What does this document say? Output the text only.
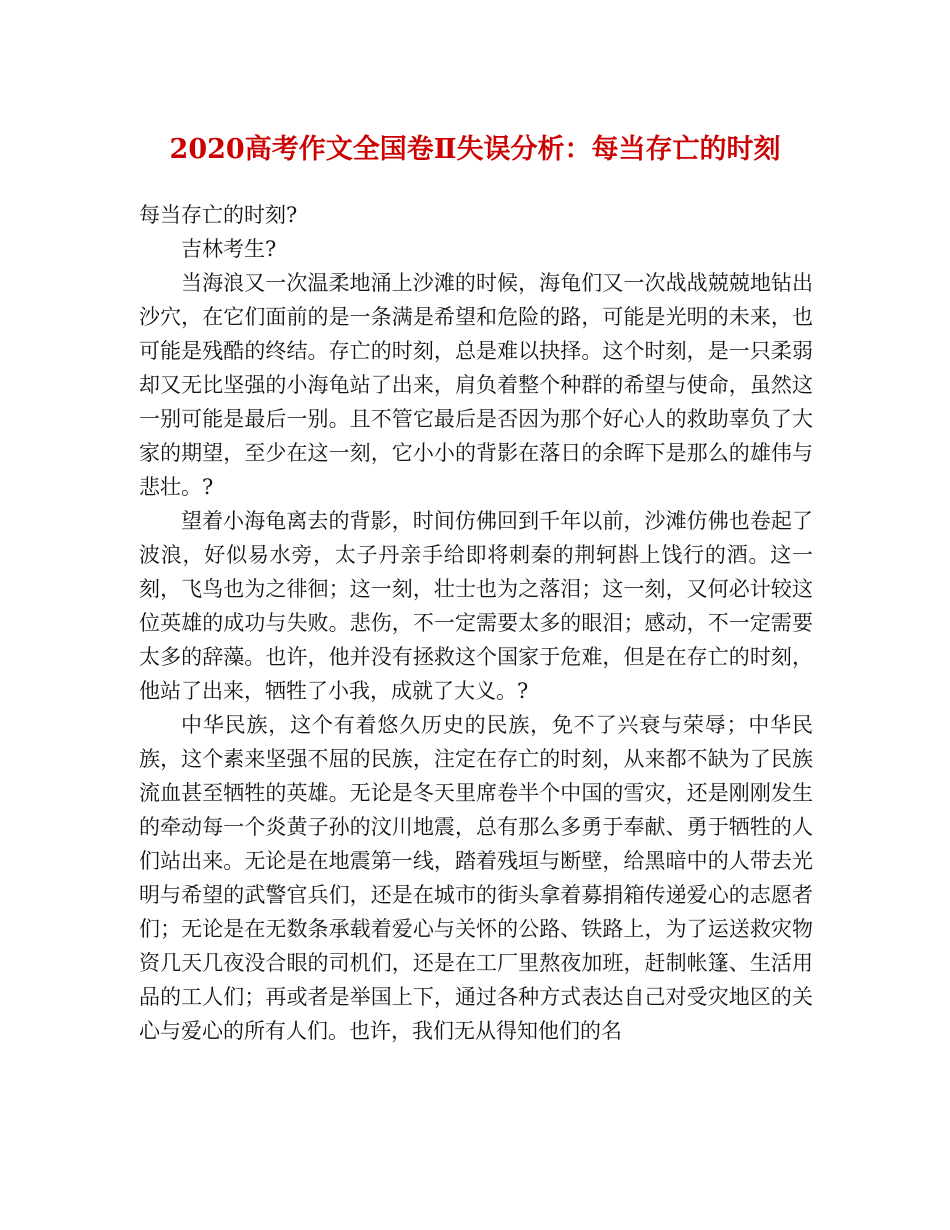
2020高考作文全国卷Ⅱ失误分析：每当存亡的时刻

每当存亡的时刻?

吉林考生?

当海浪又一次温柔地涌上沙滩的时候，海龟们又一次战战兢兢地钻出沙穴，在它们面前的是一条满是希望和危险的路，可能是光明的未来，也可能是残酷的终结。存亡的时刻，总是难以抉择。这个时刻，是一只柔弱却又无比坚强的小海龟站了出来，肩负着整个种群的希望与使命，虽然这一别可能是最后一别。且不管它最后是否因为那个好心人的救助辜负了大家的期望，至少在这一刻，它小小的背影在落日的余晖下是那么的雄伟与悲壮。?

望着小海龟离去的背影，时间仿佛回到千年以前，沙滩仿佛也卷起了波浪，好似易水旁，太子丹亲手给即将刺秦的荆轲斟上饯行的酒。这一刻，飞鸟也为之徘徊；这一刻，壮士也为之落泪；这一刻，又何必计较这位英雄的成功与失败。悲伤，不一定需要太多的眼泪；感动，不一定需要太多的辞藻。也许，他并没有拯救这个国家于危难，但是在存亡的时刻，他站了出来，牺牲了小我，成就了大义。?

中华民族，这个有着悠久历史的民族，免不了兴衰与荣辱；中华民族，这个素来坚强不屈的民族，注定在存亡的时刻，从来都不缺为了民族流血甚至牺牲的英雄。无论是冬天里席卷半个中国的雪灾，还是刚刚发生的牵动每一个炎黄子孙的汶川地震，总有那么多勇于奉献、勇于牺牲的人们站出来。无论是在地震第一线，踏着残垣与断壁，给黑暗中的人带去光明与希望的武警官兵们，还是在城市的街头拿着募捐箱传递爱心的志愿者们；无论是在无数条承载着爱心与关怀的公路、铁路上，为了运送救灾物资几天几夜没合眼的司机们，还是在工厂里熬夜加班，赶制帐篷、生活用品的工人们；再或者是举国上下，通过各种方式表达自己对受灾地区的关心与爱心的所有人们。也许，我们无从得知他们的名
